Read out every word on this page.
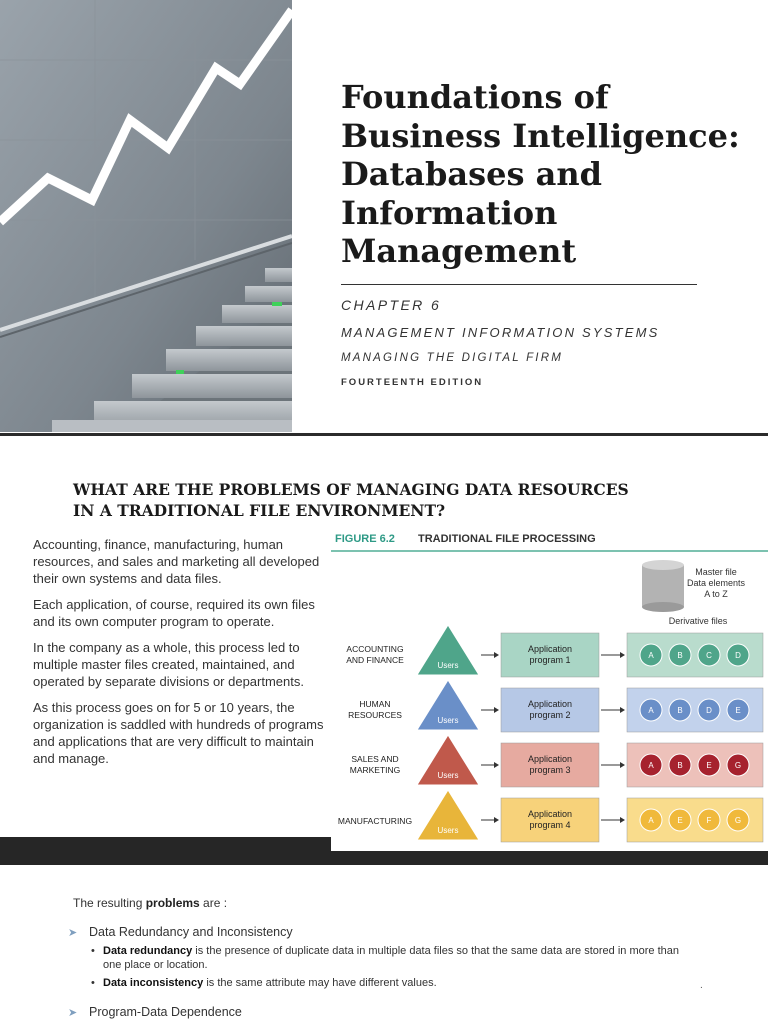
Foundations of
Business Intelligence:
Databases and
Information
Management
CHAPTER 6
MANAGEMENT INFORMATION SYSTEMS
MANAGING THE DIGITAL FIRM
FOURTEENTH EDITION
WHAT ARE THE PROBLEMS OF MANAGING DATA RESOURCES
IN A TRADITIONAL FILE ENVIRONMENT?

Accounting, finance, manufacturing, human resources, and sales and marketing all developed their own systems and data files.

Each application, of course, required its own files and its own computer program to operate.

In the company as a whole, this process led to multiple master files created, maintained, and operated by separate divisions or departments.

As this process goes on for 5 or 10 years, the organization is saddled with hundreds of programs and applications that are very difficult to maintain and manage.

FIGURE 6.2 TRADITIONAL FILE PROCESSING
Master file
Data elements
A to Z
Derivative files
ACCOUNTING
AND FINANCE
Users
Application
program 1	A	B	C	D
HUMAN
RESOURCES
Users
Application
program 2	A	B	D	E
SALES AND
MARKETING
Users
Application
program 3	A	B	E	G
MANUFACTURING
Users
Application
program 4	A	E	F	G
The resulting problems are :
➤ Data Redundancy and Inconsistency
• Data redundancy is the presence of duplicate data in multiple data files so that the same data are stored in more than one place or location.
• Data inconsistency is the same attribute may have different values.	.
➤ Program-Data Dependence
